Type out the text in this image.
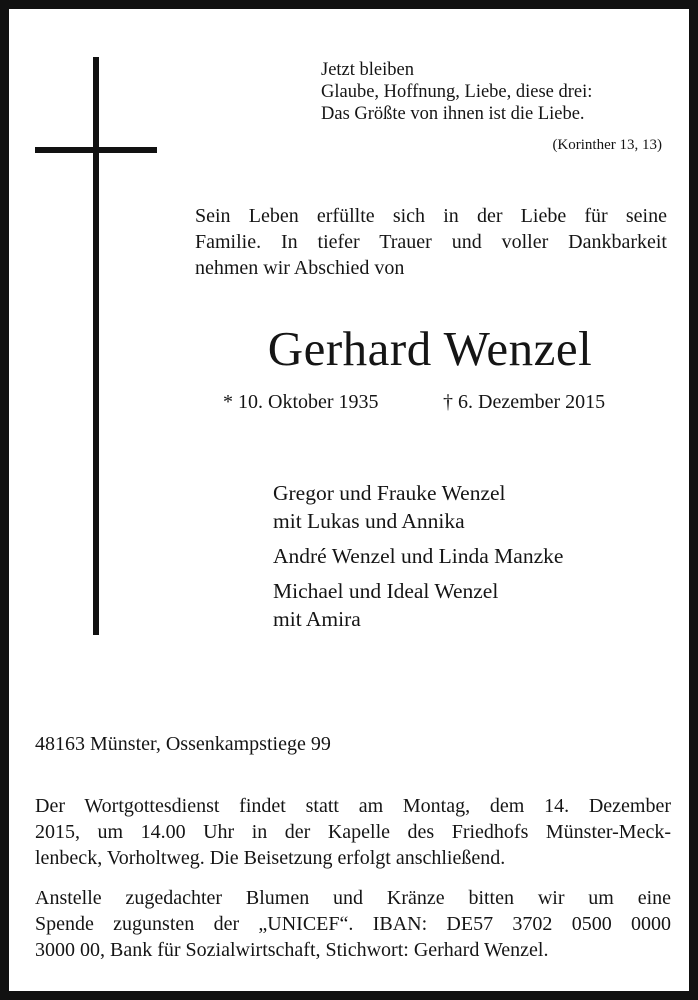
Jetzt bleiben
Glaube, Hoffnung, Liebe, diese drei:
Das Größte von ihnen ist die Liebe.
(Korinther 13, 13)
Sein Leben erfüllte sich in der Liebe für seine
Familie. In tiefer Trauer und voller Dankbarkeit
nehmen wir Abschied von
Gerhard Wenzel
* 10. Oktober 1935	† 6. Dezember 2015
Gregor und Frauke Wenzel
mit Lukas und Annika
André Wenzel und Linda Manzke
Michael und Ideal Wenzel
mit Amira
48163 Münster, Ossenkampstiege 99
Der Wortgottesdienst findet statt am Montag, dem 14. Dezember
2015, um 14.00 Uhr in der Kapelle des Friedhofs Münster-Meck-
lenbeck, Vorholtweg. Die Beisetzung erfolgt anschließend.
Anstelle zugedachter Blumen und Kränze bitten wir um eine
Spende zugunsten der „UNICEF“. IBAN: DE57 3702 0500 0000
3000 00, Bank für Sozialwirtschaft, Stichwort: Gerhard Wenzel.
